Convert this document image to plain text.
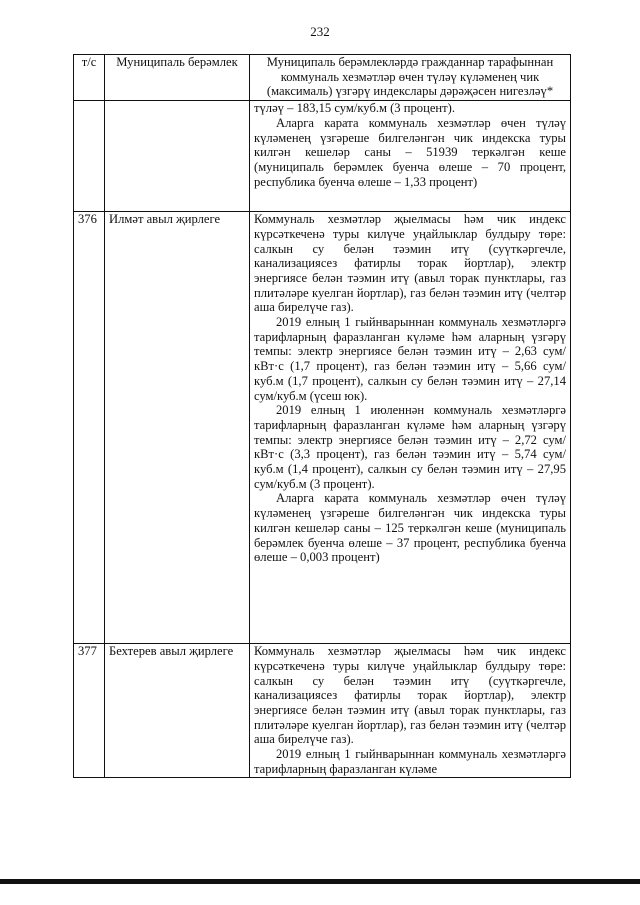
232
т/с	Муниципаль берәмлек	Муниципаль берәмлекләрдә гражданнар тарафыннан коммуналь хезмәтләр өчен түләү күләменең чик (максималь) үзгәрү индекслары дәрәҗәсен нигезләү*

		түләү – 183,15 сум/куб.м (3 процент).

Аларга карата коммуналь хезмәтләр өчен түләү күләменең үзгәреше билгеләнгән чик индекска туры килгән кешеләр саны – 51939 теркәлгән кеше (муниципаль берәмлек буенча өлеше – 70 процент, республика буенча өлеше – 1,33 процент)

376	Илмәт авыл җирлеге	Коммуналь хезмәтләр җыелмасы һәм чик индекс күрсәткеченә туры килүче уңайлыклар булдыру төре: салкын су белән тәэмин итү (суүткәргечле, канализациясез фатирлы торак йортлар), электр энергиясе белән тәэмин итү (авыл торак пунктлары, газ плитәләре куелган йортлар), газ белән тәэмин итү (челтәр аша бирелүче газ).

2019 елның 1 гыйнварыннан коммуналь хезмәтләргә тарифларның фаразланган күләме һәм аларның үзгәрү темпы: электр энергиясе белән тәэмин итү – 2,63 сум/кВт·с (1,7 процент), газ белән тәэмин итү – 5,66 сум/куб.м (1,7 процент), салкын су белән тәэмин итү – 27,14 сум/куб.м (үсеш юк).

2019 елның 1 июленнән коммуналь хезмәтләргә тарифларның фаразланган күләме һәм аларның үзгәрү темпы: электр энергиясе белән тәэмин итү – 2,72 сум/кВт·с (3,3 процент), газ белән тәэмин итү – 5,74 сум/куб.м (1,4 процент), салкын су белән тәэмин итү – 27,95 сум/куб.м (3 процент).

Аларга карата коммуналь хезмәтләр өчен түләү күләменең үзгәреше билгеләнгән чик индекска туры килгән кешеләр саны – 125 теркәлгән кеше (муниципаль берәмлек буенча өлеше – 37 процент, республика буенча өлеше – 0,003 процент)

377	Бехтерев авыл җирлеге	Коммуналь хезмәтләр җыелмасы һәм чик индекс күрсәткеченә туры килүче уңайлыклар булдыру төре: салкын су белән тәэмин итү (суүткәргечле, канализациясез фатирлы торак йортлар), электр энергиясе белән тәэмин итү (авыл торак пунктлары, газ плитәләре куелган йортлар), газ белән тәэмин итү (челтәр аша бирелүче газ).

2019 елның 1 гыйнварыннан коммуналь хезмәтләргә тарифларның фаразланган күләме
